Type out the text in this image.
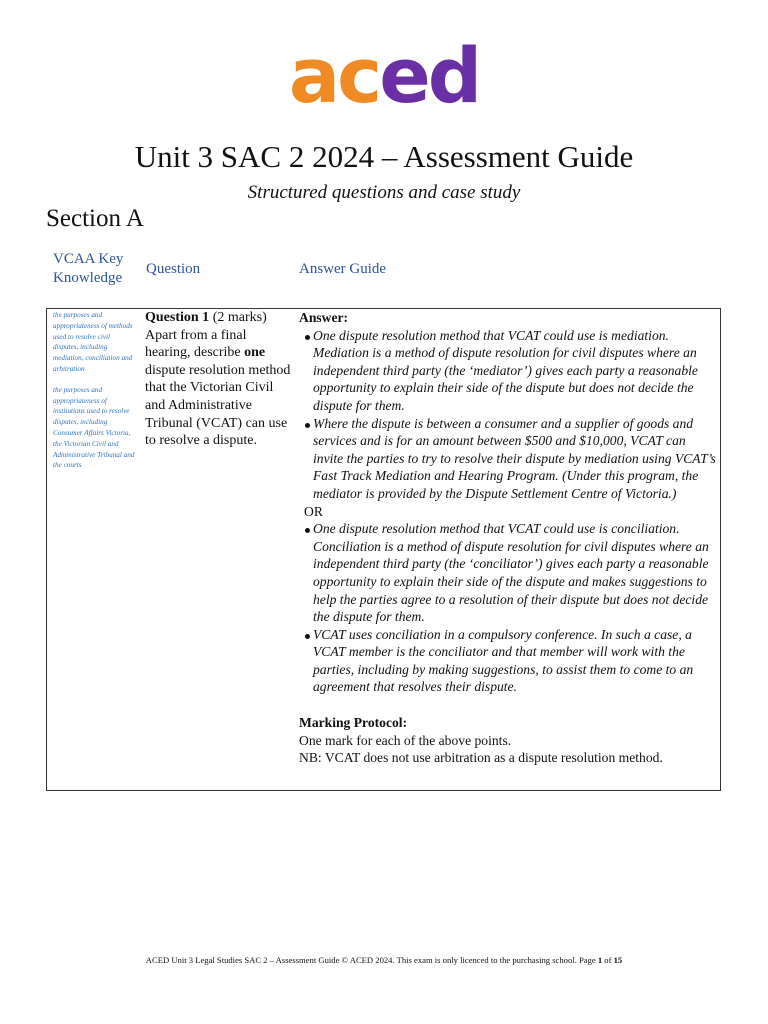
aced
Unit 3 SAC 2 2024 – Assessment Guide
Structured questions and case study
Section A
VCAA Key Knowledge
Question	Answer Guide

the purposes and appropriateness of methods used to resolve civil disputes, including mediation, conciliation and arbitration

the purposes and appropriateness of institutions used to resolve disputes, including Consumer Affairs Victoria, the Victorian Civil and Administrative Tribunal and the courts

Question 1 (2 marks) Apart from a final hearing, describe one dispute resolution method that the Victorian Civil and Administrative Tribunal (VCAT) can use to resolve a dispute.
Answer:
One dispute resolution method that VCAT could use is mediation. Mediation is a method of dispute resolution for civil disputes where an independent third party (the ‘mediator’) gives each party a reasonable opportunity to explain their side of the dispute but does not decide the dispute for them.
Where the dispute is between a consumer and a supplier of goods and services and is for an amount between $500 and $10,000, VCAT can invite the parties to try to resolve their dispute by mediation using VCAT’s Fast Track Mediation and Hearing Program. (Under this program, the mediator is provided by the Dispute Settlement Centre of Victoria.)
OR
One dispute resolution method that VCAT could use is conciliation. Conciliation is a method of dispute resolution for civil disputes where an independent third party (the ‘conciliator’) gives each party a reasonable opportunity to explain their side of the dispute and makes suggestions to help the parties agree to a resolution of their dispute but does not decide the dispute for them.
VCAT uses conciliation in a compulsory conference. In such a case, a VCAT member is the conciliator and that member will work with the parties, including by making suggestions, to assist them to come to an agreement that resolves their dispute.
Marking Protocol:
One mark for each of the above points.
NB: VCAT does not use arbitration as a dispute resolution method.
ACED Unit 3 Legal Studies SAC 2 – Assessment Guide © ACED 2024. This exam is only licenced to the purchasing school. Page 1 of 15
